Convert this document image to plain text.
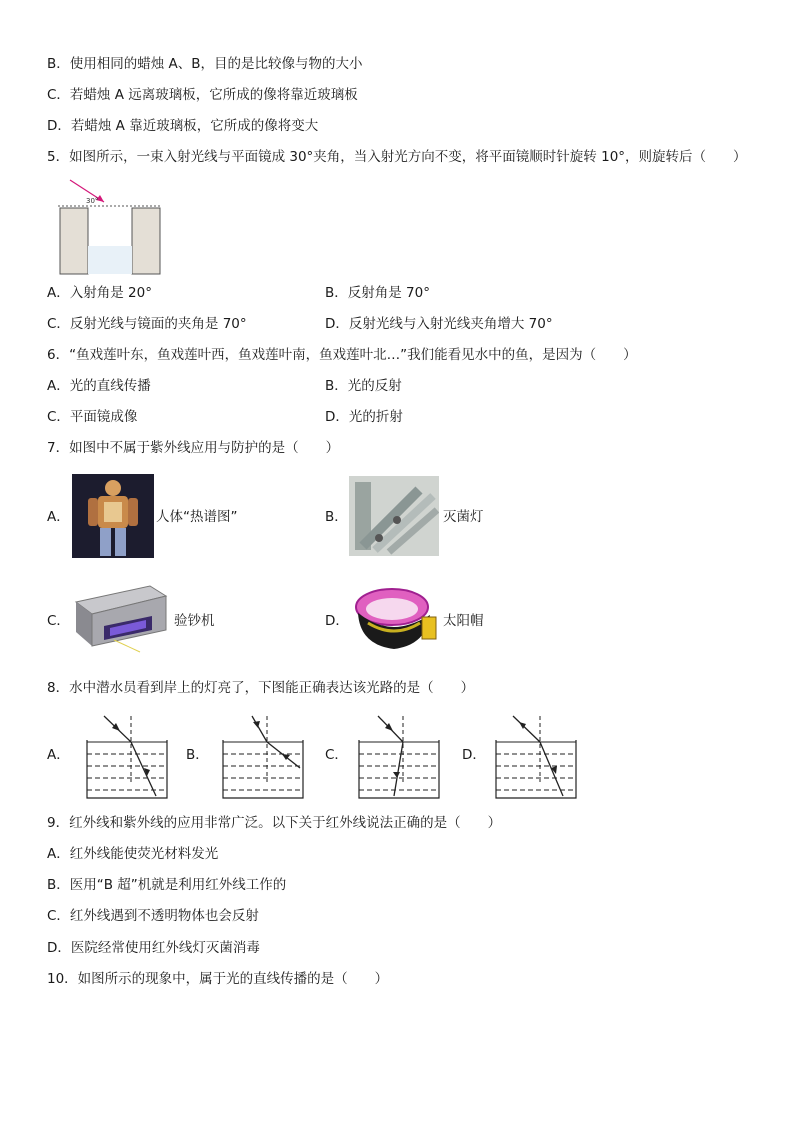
B．使用相同的蜡烛 A、B，目的是比较像与物的大小
C．若蜡烛 A 远离玻璃板，它所成的像将靠近玻璃板
D．若蜡烛 A 靠近玻璃板，它所成的像将变大
5．如图所示，一束入射光线与平面镜成 30°夹角，当入射光方向不变，将平面镜顺时针旋转 10°，则旋转后（　　）
30°
A．入射角是 20°	B．反射角是 70°
C．反射光线与镜面的夹角是 70°	D．反射光线与入射光线夹角增大 70°
6．“鱼戏莲叶东，鱼戏莲叶西，鱼戏莲叶南，鱼戏莲叶北…”我们能看见水中的鱼，是因为（　　）
A．光的直线传播	B．光的反射
C．平面镜成像	D．光的折射
7．如图中不属于紫外线应用与防护的是（　　）
A．	人体“热谱图”	B．	灭菌灯
C．	验钞机	D．	太阳帽
8．水中潜水员看到岸上的灯亮了，下图能正确表达该光路的是（　　）
A．	B．	C．	D．
9．红外线和紫外线的应用非常广泛。以下关于红外线说法正确的是（　　）
A．红外线能使荧光材料发光
B．医用“B 超”机就是利用红外线工作的
C．红外线遇到不透明物体也会反射
D．医院经常使用红外线灯灭菌消毒
10．如图所示的现象中，属于光的直线传播的是（　　）
